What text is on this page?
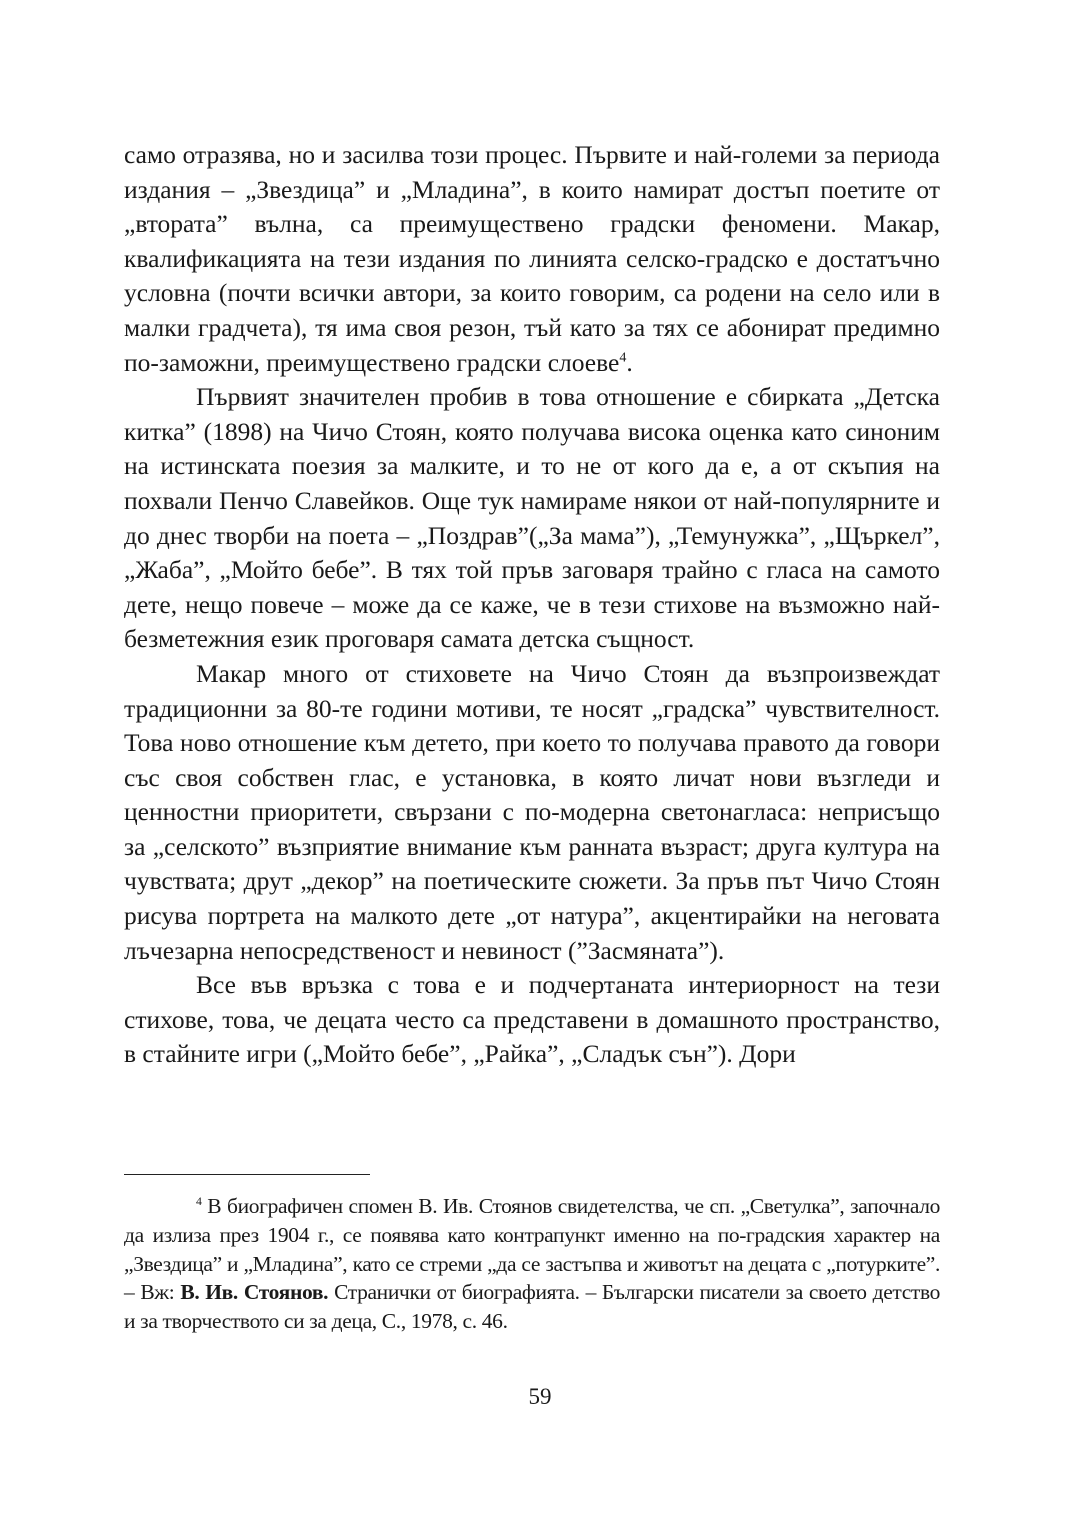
само отразява, но и засилва този процес. Първите и най-големи за периода издания – „Звездица” и „Младина”, в които намират достъп поетите от „втората” вълна, са преимуществено градски феномени. Макар, квалификацията на тези издания по линията селско-градско е достатъчно условна (почти всички автори, за които говорим, са родени на село или в малки градчета), тя има своя резон, тъй като за тях се абонират предимно по-заможни, преимуществено градски слоеве$^4$.

Първият значителен пробив в това отношение е сбирката „Детска китка” (1898) на Чичо Стоян, която получава висока оценка като синоним на истинската поезия за малките, и то не от кого да е, а от скъпия на похвали Пенчо Славейков. Още тук намираме някои от най-популярните и до днес творби на поета – „Поздрав”(„За мама”), „Темунужка”, „Щъркел”, „Жаба”, „Мойто бебе”. В тях той пръв заговаря трайно с гласа на самото дете, нещо повече – може да се каже, че в тези стихове на възможно най-безметежния език проговаря самата детска същност.

Макар много от стиховете на Чичо Стоян да възпроизвеждат традиционни за 80-те години мотиви, те носят „градска” чувствителност. Това ново отношение към детето, при което то получава правото да говори със своя собствен глас, е установка, в която личат нови възгледи и ценностни приоритети, свързани с по-модерна светонагласа: неприсъщо за „селското” възприятие внимание към ранната възраст; друга култура на чувствата; друт „декор” на поетическите сюжети. За пръв път Чичо Стоян рисува портрета на малкото дете „от натура”, акцентирайки на неговата лъчезарна непосредственост и невиност (”Засмяната”).

Все във връзка с това е и подчертаната интериорност на тези стихове, това, че децата често са представени в домашното пространство, в стайните игри („Мойто бебе”, „Райка”, „Сладък сън”). Дори

$^4$ В биографичен спомен В. Ив. Стоянов свидетелства, че сп. „Светулка”, започнало да излиза през 1904 г., се появява като контрапункт именно на по-градския характер на „Звездица” и „Младина”, като се стреми „да се застъпва и животът на децата с „потурките”. – Вж: В. Ив. Стоянов. Странички от биографията. – Български писатели за своето детство и за творчеството си за деца, С., 1978, с. 46.
59
